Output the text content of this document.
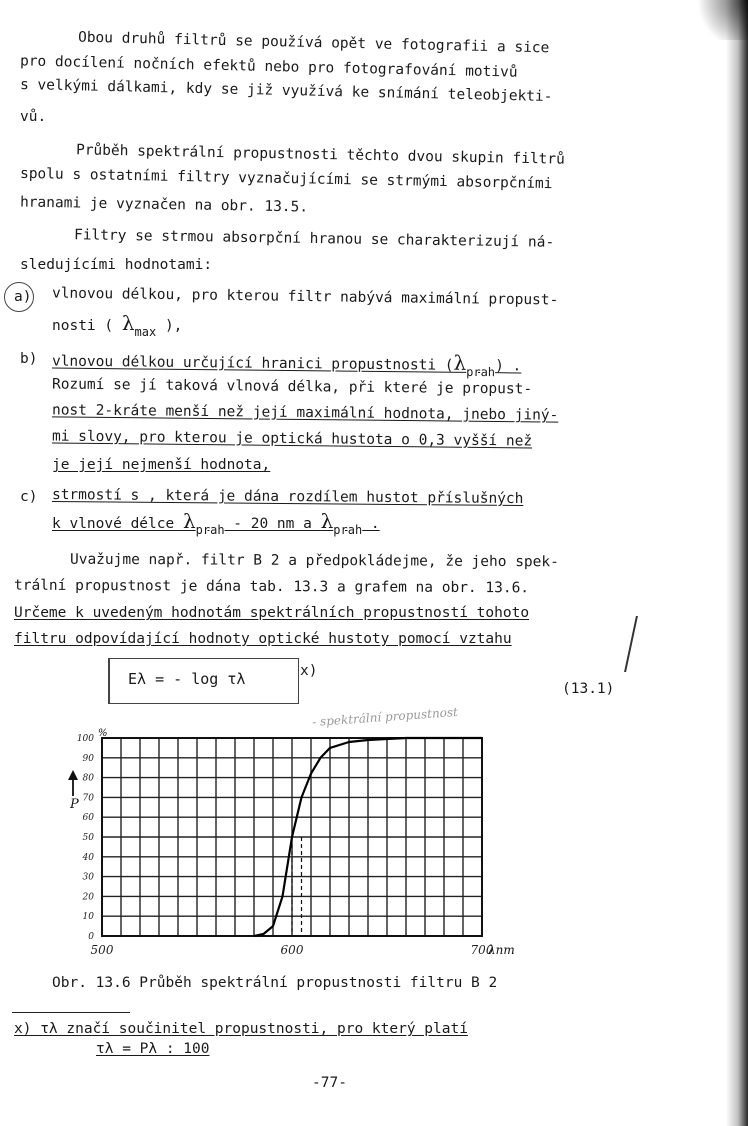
Obou druhů filtrů se používá opět ve fotografii a sice
pro docílení nočních efektů nebo pro fotografování motivů
s velkými dálkami, kdy se již využívá ke snímání teleobjekti-
vů.
Průběh spektrální propustnosti těchto dvou skupin filtrů
spolu s ostatními filtry vyznačujícími se strmými absorpčními
hranami je vyznačen na obr. 13.5.
Filtry se strmou absorpční hranou se charakterizují ná-
sledujícími hodnotami:
a) vlnovou délkou, pro kterou filtr nabývá maximální propust-
nosti ( $\lambda_{max}$ ),
b) vlnovou délkou určující hranici propustnosti $(\lambda_{prah})$ .
Rozumí se jí taková vlnová délka, při které je propust-
nost 2-kráte menší než její maximální hodnota, jnebo jiný-
mi slovy, pro kterou je optická hustota o 0,3 vyšší než
je její nejmenší hodnota,
c) strmostí s , která je dána rozdílem hustot příslušných
k vlnové délce $\lambda_{prah} - 20$ nm a $\lambda_{prah}$ .
Uvažujme např. filtr B 2 a předpokládejme, že jeho spek-
trální propustnost je dána tab. 13.3 a grafem na obr. 13.6.
Určeme k uvedeným hodnotám spektrálních propustností tohoto
filtru odpovídající hodnoty optické hustoty pomocí vztahu
Eλ = - log τλ	x)
(13.1)
- spektrální propustnost
0
10
20
30
40
50
60
70
80
90
100
500	600	700
P
%
λnm
Obr. 13.6 Průběh spektrální propustnosti filtru B 2
x) τλ značí součinitel propustnosti, pro který platí
τλ = Pλ : 100
-77-
